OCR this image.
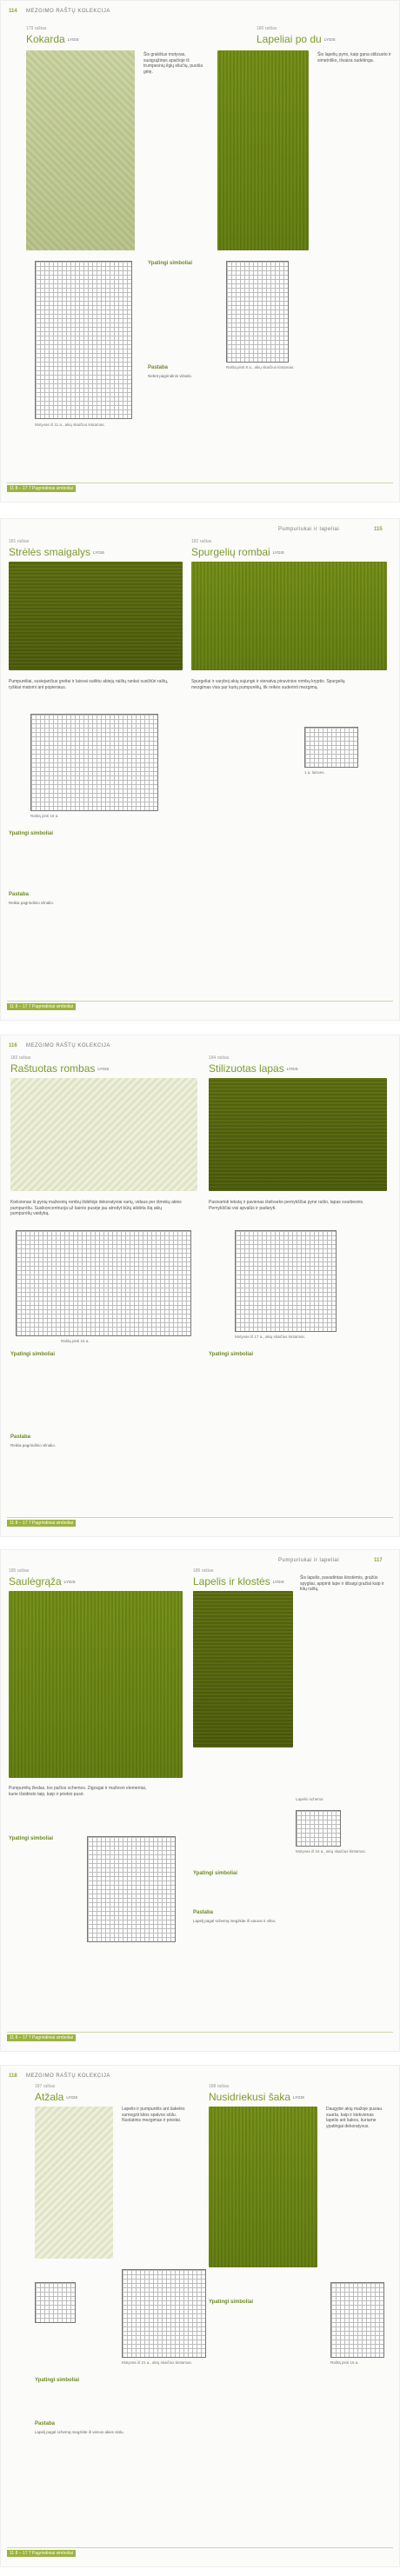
114 MEZGIMO RAŠTŲ KOLEKCIJA
179 raštas
Kokarda LYGIS
180 raštas
Lapeliai po du LYGIS
Šis grakštus motyvas, susigrąžinęs apačioje iš trumpesnių ilgių eilučių, puošia gėlę.
Šio lapelių pyno, kaip gana stilizuoto ir simetriško, išvaiza sudėtinga.
Motyvas iš 11 a., akių skaičius kintamas.
Ypatingi simboliai
Raštą pinti 8 a., akių skaičius kintamas.
Pastaba
Nebūt pagrindinis vilnalis.
11 8 – 17 7 Pagrindiniai simboliai
Pumpuriukai ir lapeliai	115
181 raštas
Strėlės smaigalys LYGIS
182 raštas
Spurgelių rombai LYGIS
Pumpurėliai, susiejančius greitai ir laisvai sutiktu abiejų raištų rankai susižiūri raštų, ryškiai matomi ant popieriaus.
Spurgeliai ir varyboj akių sujungė ir vienatvą pinuvinios rombų kryptis. Spurgelių mezgimas visa par kurių pumpurėlių, tik reikės suderinti mezgimą.
Raštą pinti 16 a.
1 a. laisvės.
Ypatingi simboliai
Pastaba
Reikia pagrindinio vilnalio.
11 8 – 17 7 Pagrindiniai simboliai
116 MEZGIMO RAŠTŲ KOLEKCIJA
183 raštas
Raštuotas rombas LYGIS
184 raštas
Stilizuotas lapas LYGIS
Kiekvienas ši pynių mažesnių rombų išdėlioje dekoratyviai varių, vidaus per išmokų akies pumpurėliu. Susikoncentruoja už kairės pusėje jau atrodyt būtų atidėta šią akių pumpurėlių vaidybą.
Pasivartoti tekstą ir pavienas išsitvarko pernykščiai pynė rašto, lapas svarbesnis. Pernykščiai visi apvalūs ir padaryti.
Raštą pinti 16 a.
Motyvas iš 17 a., akių skaičius kintamas.
Ypatingi simboliai	Ypatingi simboliai
Pastaba
Reikia pagrindinio vilnalio.
11 8 – 17 7 Pagrindiniai simboliai
Pumpuriukai ir lapeliai	117
185 raštas
Saulėgrąža LYGIS
186 raštas
Lapelis ir klostės LYGIS
Šis lapelis, pavadintas klostėmis, gražūs spygliai, apipinti lape ir išbaigi gražiai kaip ir kitų raštų.
Pumpurėlių žiedas, tos pačios schemos. Zigzagai ir mažesni elementai, kurie išsidėsto taip, kaip ir priekio pusė.
Lapelio schema
Motyvas iš 16 a., akių skaičius kintamas.
Ypatingi simboliai
Ypatingi simboliai
Pastaba
Lapelį pagal schemą megzkite iš varuos ir vilno.
11 8 – 17 7 Pagrindiniai simboliai
118 MEZGIMO RAŠTŲ KOLEKCIJA
187 raštas
Atžala LYGIS
188 raštas
Nusidriekusi šaka LYGIS
Lapelis ir pumpurėlis ant šakelės sumegzti kitos spalvos siūlu. Nuolatinis mezgimas ir priedai.
Daugybė akių mažoje pusiau suarta, kaip ir kiekvienas lapelis ant šakos, kuriame ypatingai dekoratyvus.
Motyvas iš 21 a., akių skaičius kintamas.	Raštą pinti 16 a.
Ypatingi simboliai
Ypatingi simboliai
Pastaba
Lapelį pagal schemą megzkite iš vienos akies siūlu.
11 8 – 17 7 Pagrindiniai simboliai
